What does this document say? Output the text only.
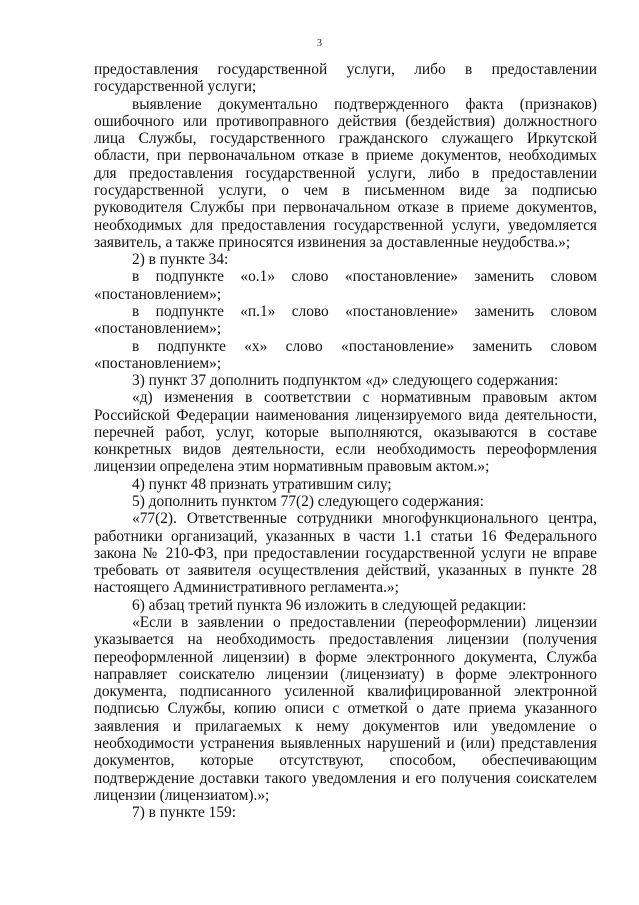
3

предоставления государственной услуги, либо в предоставлении государственной услуги;

выявление документально подтвержденного факта (признаков) ошибочного или противоправного действия (бездействия) должностного лица Службы, государственного гражданского служащего Иркутской области, при первоначальном отказе в приеме документов, необходимых для предоставления государственной услуги, либо в предоставлении государственной услуги, о чем в письменном виде за подписью руководителя Службы при первоначальном отказе в приеме документов, необходимых для предоставления государственной услуги, уведомляется заявитель, а также приносятся извинения за доставленные неудобства.»;

2) в пункте 34:

в подпункте «о.1» слово «постановление» заменить словом «постановлением»;

в подпункте «п.1» слово «постановление» заменить словом «постановлением»;

в подпункте «х» слово «постановление» заменить словом «постановлением»;

3) пункт 37 дополнить подпунктом «д» следующего содержания:

«д) изменения в соответствии с нормативным правовым актом Российской Федерации наименования лицензируемого вида деятельности, перечней работ, услуг, которые выполняются, оказываются в составе конкретных видов деятельности, если необходимость переоформления лицензии определена этим нормативным правовым актом.»;

4) пункт 48 признать утратившим силу;

5) дополнить пунктом 77(2) следующего содержания:

«77(2). Ответственные сотрудники многофункционального центра, работники организаций, указанных в части 1.1 статьи 16 Федерального закона № 210-ФЗ, при предоставлении государственной услуги не вправе требовать от заявителя осуществления действий, указанных в пункте 28 настоящего Административного регламента.»;

6) абзац третий пункта 96 изложить в следующей редакции:

«Если в заявлении о предоставлении (переоформлении) лицензии указывается на необходимость предоставления лицензии (получения переоформленной лицензии) в форме электронного документа, Служба направляет соискателю лицензии (лицензиату) в форме электронного документа, подписанного усиленной квалифицированной электронной подписью Службы, копию описи с отметкой о дате приема указанного заявления и прилагаемых к нему документов или уведомление о необходимости устранения выявленных нарушений и (или) представления документов, которые отсутствуют, способом, обеспечивающим подтверждение доставки такого уведомления и его получения соискателем лицензии (лицензиатом).»;

7) в пункте 159:
